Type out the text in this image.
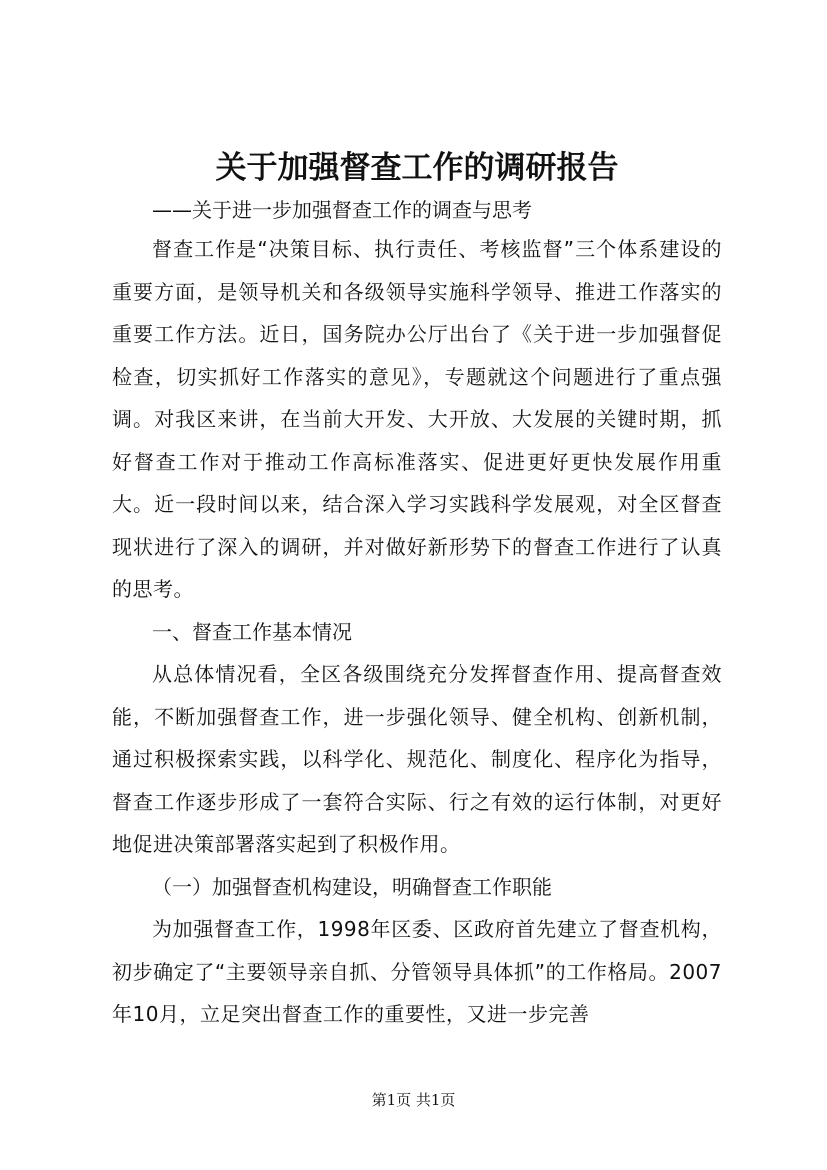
关于加强督查工作的调研报告

——关于进一步加强督查工作的调查与思考

督查工作是“决策目标、执行责任、考核监督”三个体系建设的重要方面，是领导机关和各级领导实施科学领导、推进工作落实的重要工作方法。近日，国务院办公厅出台了《关于进一步加强督促检查，切实抓好工作落实的意见》，专题就这个问题进行了重点强调。对我区来讲，在当前大开发、大开放、大发展的关键时期，抓好督查工作对于推动工作高标准落实、促进更好更快发展作用重大。近一段时间以来，结合深入学习实践科学发展观，对全区督查现状进行了深入的调研，并对做好新形势下的督查工作进行了认真的思考。

一、督查工作基本情况

从总体情况看，全区各级围绕充分发挥督查作用、提高督查效能，不断加强督查工作，进一步强化领导、健全机构、创新机制，通过积极探索实践，以科学化、规范化、制度化、程序化为指导，督查工作逐步形成了一套符合实际、行之有效的运行体制，对更好地促进决策部署落实起到了积极作用。

（一）加强督查机构建设，明确督查工作职能

为加强督查工作，1998年区委、区政府首先建立了督查机构，初步确定了“主要领导亲自抓、分管领导具体抓”的工作格局。2007年10月，立足突出督查工作的重要性，又进一步完善

第1页 共1页
